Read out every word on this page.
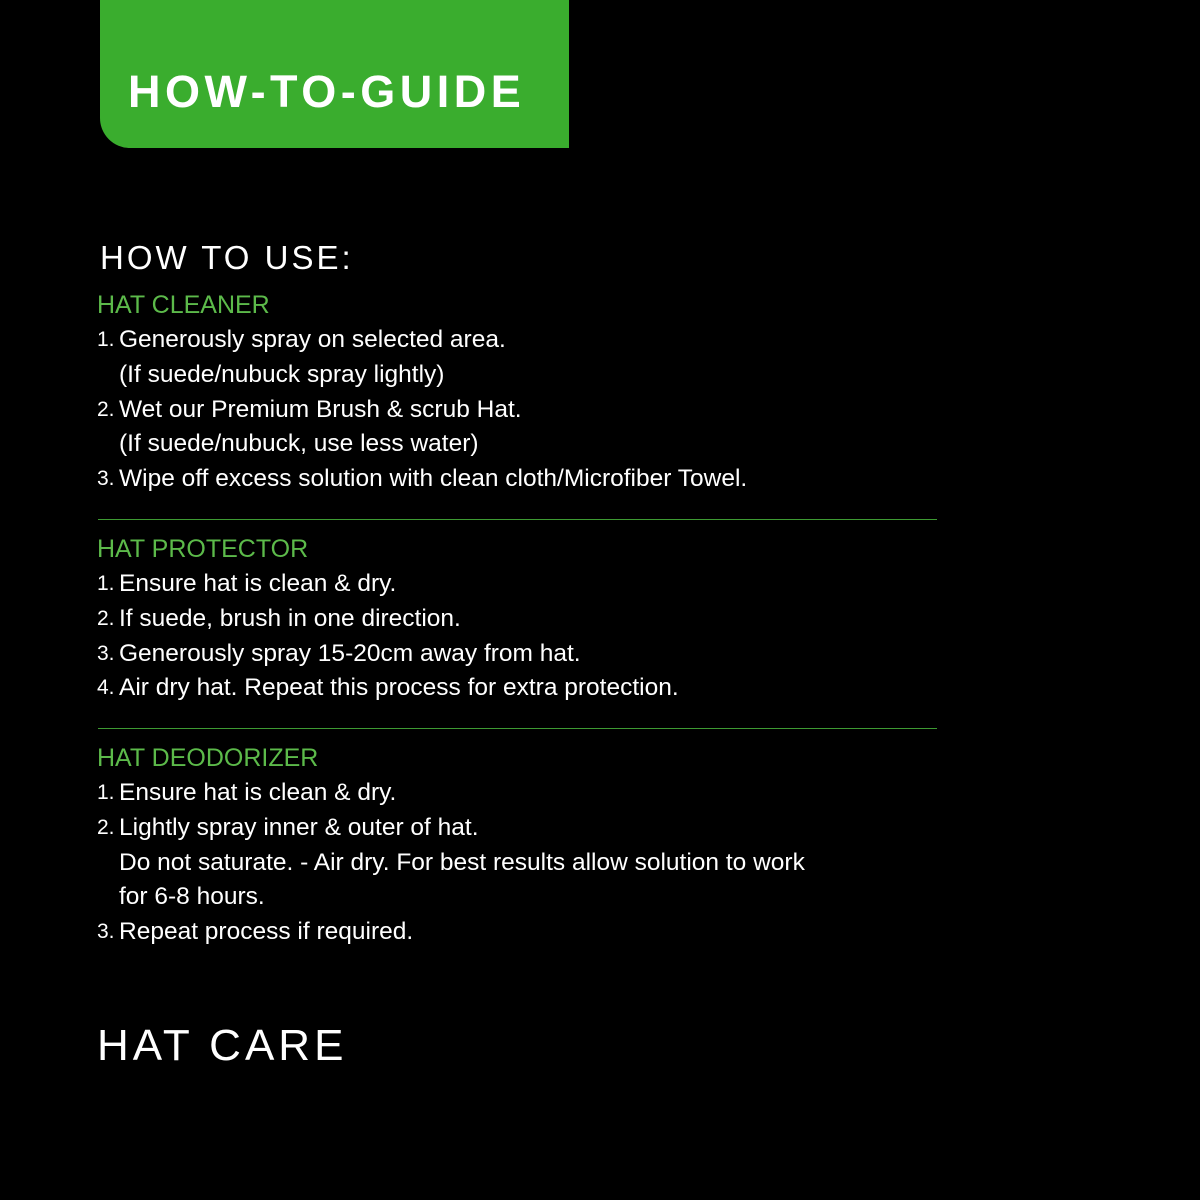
HOW-TO-GUIDE
HOW TO USE:
HAT CLEANER
1. Generously spray on selected area.
(If suede/nubuck spray lightly)
2. Wet our Premium Brush & scrub Hat.
(If suede/nubuck, use less water)
3. Wipe off excess solution with clean cloth/Microfiber Towel.
HAT PROTECTOR
1. Ensure hat is clean & dry.
2. If suede, brush in one direction.
3. Generously spray 15-20cm away from hat.
4. Air dry hat. Repeat this process for extra protection.
HAT DEODORIZER
1. Ensure hat is clean & dry.
2. Lightly spray inner & outer of hat.
Do not saturate. - Air dry. For best results allow solution to work
for 6-8 hours.
3. Repeat process if required.
HAT CARE
